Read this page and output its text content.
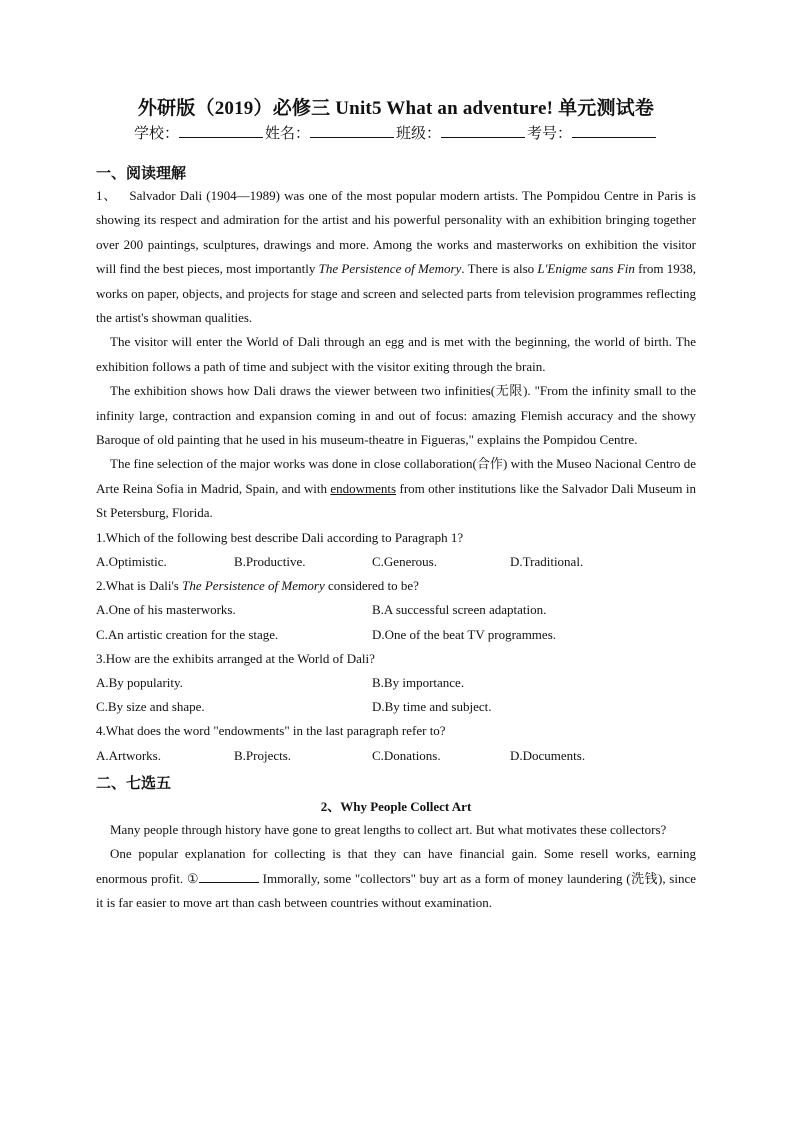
外研版（2019）必修三 Unit5 What an adventure! 单元测试卷
学校：	姓名：	班级：	考号：
一、阅读理解

1、 Salvador Dali (1904—1989) was one of the most popular modern artists. The Pompidou Centre in Paris is showing its respect and admiration for the artist and his powerful personality with an exhibition bringing together over 200 paintings, sculptures, drawings and more. Among the works and masterworks on exhibition the visitor will find the best pieces, most importantly The Persistence of Memory. There is also L'Enigme sans Fin from 1938, works on paper, objects, and projects for stage and screen and selected parts from television programmes reflecting the artist's showman qualities.

The visitor will enter the World of Dali through an egg and is met with the beginning, the world of birth. The exhibition follows a path of time and subject with the visitor exiting through the brain.

The exhibition shows how Dali draws the viewer between two infinities(无限). "From the infinity small to the infinity large, contraction and expansion coming in and out of focus: amazing Flemish accuracy and the showy Baroque of old painting that he used in his museum-theatre in Figueras," explains the Pompidou Centre.

The fine selection of the major works was done in close collaboration(合作) with the Museo Nacional Centro de Arte Reina Sofia in Madrid, Spain, and with endowments from other institutions like the Salvador Dali Museum in St Petersburg, Florida.

1.Which of the following best describe Dali according to Paragraph 1?

A.Optimistic.	B.Productive.	C.Generous.	D.Traditional.

2.What is Dali's The Persistence of Memory considered to be?

A.One of his masterworks.	B.A successful screen adaptation.
C.An artistic creation for the stage.	D.One of the beat TV programmes.

3.How are the exhibits arranged at the World of Dali?

A.By popularity.	B.By importance.
C.By size and shape.	D.By time and subject.

4.What does the word "endowments" in the last paragraph refer to?

A.Artworks.	B.Projects.	C.Donations.	D.Documents.
二、七选五
2、Why People Collect Art

Many people through history have gone to great lengths to collect art. But what motivates these collectors?

One popular explanation for collecting is that they can have financial gain. Some resell works, earning enormous profit. ①	Immorally, some "collectors" buy art as a form of money laundering (洗钱), since it is far easier to move art than cash between countries without examination.
